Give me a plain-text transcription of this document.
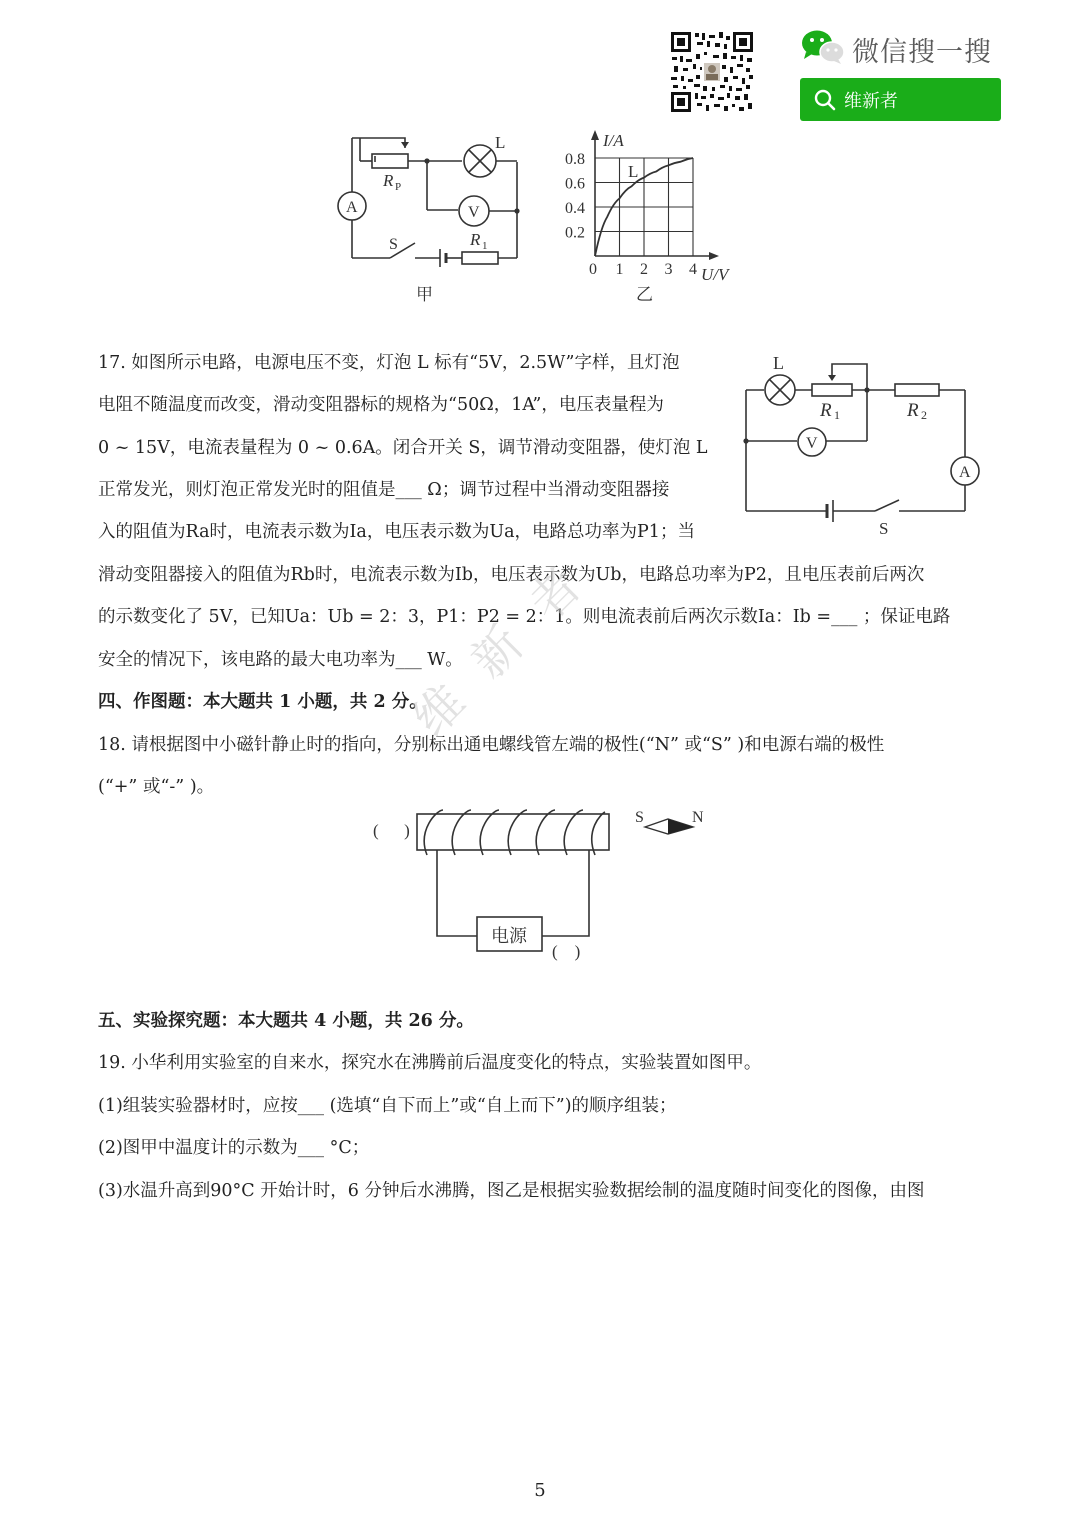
微信搜一搜
维新者
L
R P
R 1
A	V
S
甲
0.8
0.6
0.4
0.2
0 1 2 3 4
L
I/A
U/V
乙
17. 如图所示电路，电源电压不变，灯泡 L 标有“5V，2.5W”字样，且灯泡
电阻不随温度而改变，滑动变阻器标的规格为“50Ω，1A”，电压表量程为
0 ~ 15V，电流表量程为 0 ~ 0.6A。闭合开关 S，调节滑动变阻器，使灯泡 L
正常发光，则灯泡正常发光时的阻值是___ Ω；调节过程中当滑动变阻器接
入的阻值为Ra时，电流表示数为Ia，电压表示数为Ua，电路总功率为P1；当
滑动变阻器接入的阻值为Rb时，电流表示数为Ib，电压表示数为Ub，电路总功率为P2，且电压表前后两次
的示数变化了 5V，已知Ua：Ub = 2：3，P1：P2 = 2：1。则电流表前后两次示数Ia：Ib =___ ；保证电路
安全的情况下，该电路的最大电功率为___ W。
L
R 1	R 2
V
A
S
四、作图题：本大题共 1 小题，共 2 分。
18. 请根据图中小磁针静止时的指向，分别标出通电螺线管左端的极性(“N” 或“S” )和电源右端的极性
(“+” 或“-” )。
(      )
电源
(    )
S	N
维新者
五、实验探究题：本大题共 4 小题，共 26 分。
19. 小华利用实验室的自来水，探究水在沸腾前后温度变化的特点，实验装置如图甲。
(1)组装实验器材时，应按___ (选填“自下而上”或“自上而下”)的顺序组装；
(2)图甲中温度计的示数为___ °C；
(3)水温升高到90°C 开始计时，6 分钟后水沸腾，图乙是根据实验数据绘制的温度随时间变化的图像，由图
5
